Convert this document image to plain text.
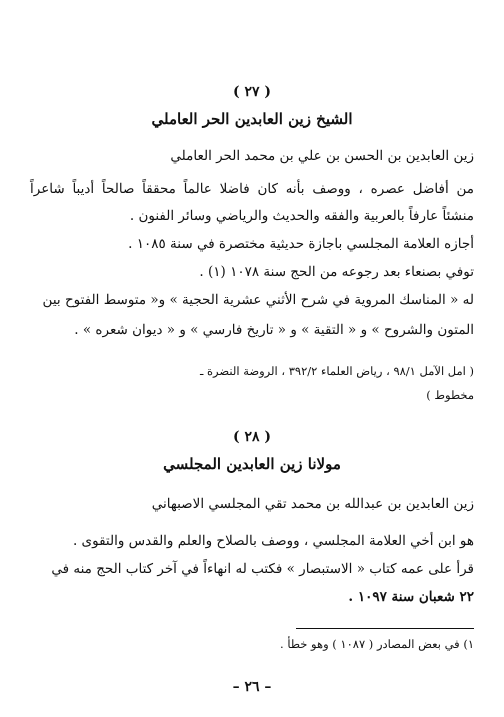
( ٢٧ )
الشيخ زين العابدين الحر العاملي
زين العابدين بن الحسن بن علي بن محمد الحر العاملي
من أفاضل عصره ، ووصف بأنه كان فاضلا عالماً محققاً صالحاً أديباً شاعراً
منشئاً عارفاً بالعربية والفقه والحديث والرياضي وسائر الفنون .
أجازه العلامة المجلسي باجازة حديثية مختصرة في سنة ١٠٨٥ .
توفي بصنعاء بعد رجوعه من الحج سنة ١٠٧٨ (١) .
له « المناسك المروية في شرح الأثني عشرية الحجية » و« متوسط الفتوح بين
المتون والشروح » و « التقية » و « تاريخ فارسي » و « ديوان شعره » .
( امل الآمل ٩٨/١ ، رياض العلماء ٣٩٢/٢ ، الروضة النضرة ـ
مخطوط )
( ٢٨ )
مولانا زين العابدين المجلسي
زين العابدين بن عبدالله بن محمد تقي المجلسي الاصبهاني
هو ابن أخي العلامة المجلسي ، ووصف بالصلاح والعلم والقدس والتقوى .
قرأ على عمه كتاب « الاستبصار » فكتب له انهاءاً في آخر كتاب الحج منه في
٢٢ شعبان سنة ١٠٩٧ .
١) في بعض المصادر ( ١٠٨٧ ) وهو خطأ .
– ٢٦ –
